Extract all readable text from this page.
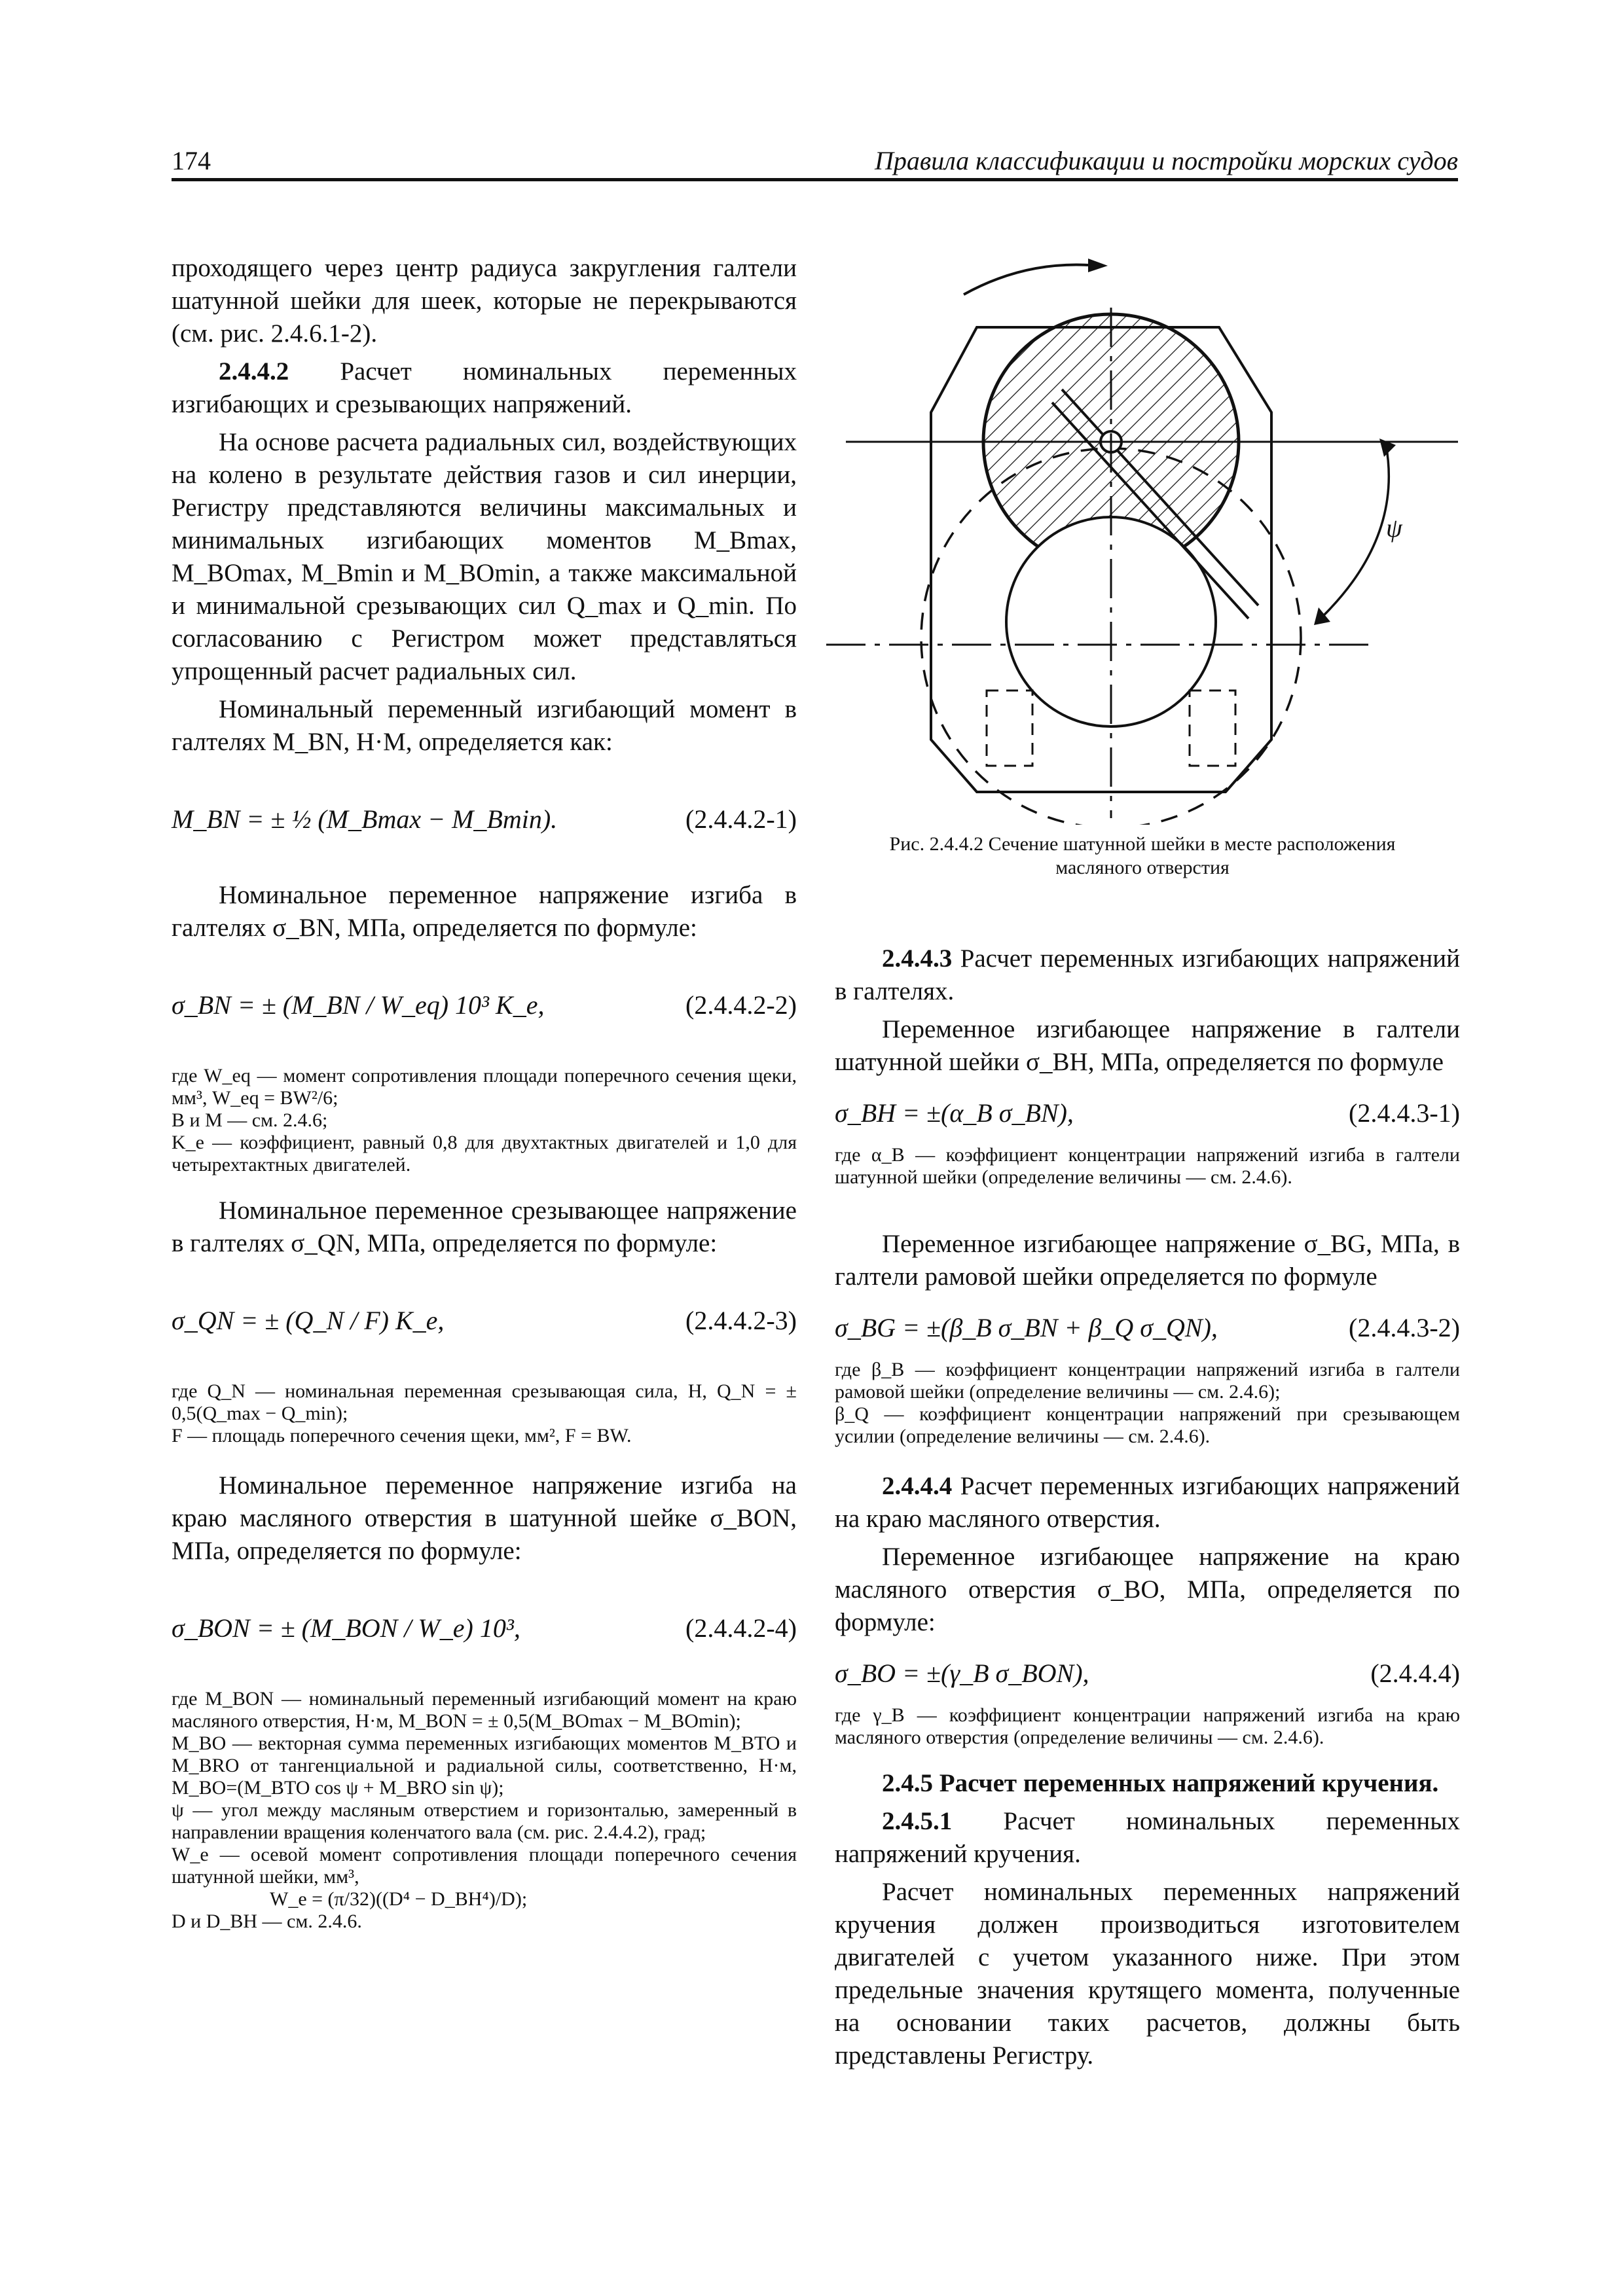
174	Правила классификации и постройки морских судов

проходящего через центр радиуса закругления галтели шатунной шейки для шеек, которые не перекрываются (см. рис. 2.4.6.1-2).

2.4.4.2 Расчет номинальных переменных изгибающих и срезывающих напряжений.

На основе расчета радиальных сил, воздействующих на колено в результате действия газов и сил инерции, Регистру представляются величины максимальных и минимальных изгибающих моментов M_Bmax, M_BOmax, M_Bmin и M_BOmin, а также максимальной и минимальной срезывающих сил Q_max и Q_min. По согласованию с Регистром может представляться упрощенный расчет радиальных сил.

Номинальный переменный изгибающий момент в галтелях M_BN, Н·М, определяется как:

M_BN = ± ½ (M_Bmax − M_Bmin).	(2.4.4.2-1)

Номинальное переменное напряжение изгиба в галтелях σ_BN, МПа, определяется по формуле:

σ_BN = ± (M_BN / W_eq) 10³ K_e,	(2.4.4.2-2)
где W_eq — момент сопротивления площади поперечного сечения щеки, мм³, W_eq = BW²/6;
B и M — см. 2.4.6;
K_e — коэффициент, равный 0,8 для двухтактных двигателей и 1,0 для четырехтактных двигателей.

Номинальное переменное срезывающее напряжение в галтелях σ_QN, МПа, определяется по формуле:

σ_QN = ± (Q_N / F) K_e,	(2.4.4.2-3)
где Q_N — номинальная переменная срезывающая сила, Н, Q_N = ± 0,5(Q_max − Q_min);
F — площадь поперечного сечения щеки, мм², F = BW.

Номинальное переменное напряжение изгиба на краю масляного отверстия в шатунной шейке σ_BON, МПа, определяется по формуле:

σ_BON = ± (M_BON / W_e) 10³,	(2.4.4.2-4)
где M_BON — номинальный переменный изгибающий момент на краю масляного отверстия, Н·м, M_BON = ± 0,5(M_BOmax − M_BOmin);
M_BO — векторная сумма переменных изгибающих моментов M_BTO и M_BRO от тангенциальной и радиальной силы, соответственно, Н·м, M_BO=(M_BTO cos ψ + M_BRO sin ψ);
ψ — угол между масляным отверстием и горизонталью, замеренный в направлении вращения коленчатого вала (см. рис. 2.4.4.2), град;
W_e — осевой момент сопротивления площади поперечного сечения шатунной шейки, мм³,
W_e = (π/32)((D⁴ − D_BH⁴)/D);
D и D_BH — см. 2.4.6.
ψ
Рис. 2.4.4.2 Сечение шатунной шейки в месте расположения масляного отверстия

2.4.4.3 Расчет переменных изгибающих напряжений в галтелях.

Переменное изгибающее напряжение в галтели шатунной шейки σ_BH, МПа, определяется по формуле

σ_BH = ±(α_B σ_BN),	(2.4.4.3-1)
где α_B — коэффициент концентрации напряжений изгиба в галтели шатунной шейки (определение величины — см. 2.4.6).

Переменное изгибающее напряжение σ_BG, МПа, в галтели рамовой шейки определяется по формуле

σ_BG = ±(β_B σ_BN + β_Q σ_QN),	(2.4.4.3-2)
где β_B — коэффициент концентрации напряжений изгиба в галтели рамовой шейки (определение величины — см. 2.4.6);
β_Q — коэффициент концентрации напряжений при срезывающем усилии (определение величины — см. 2.4.6).

2.4.4.4 Расчет переменных изгибающих напряжений на краю масляного отверстия.

Переменное изгибающее напряжение на краю масляного отверстия σ_BO, МПа, определяется по формуле:

σ_BO = ±(γ_B σ_BON),	(2.4.4.4)
где γ_B — коэффициент концентрации напряжений изгиба на краю масляного отверстия (определение величины — см. 2.4.6).

2.4.5 Расчет переменных напряжений кручения.

2.4.5.1 Расчет номинальных переменных напряжений кручения.

Расчет номинальных переменных напряжений кручения должен производиться изготовителем двигателей с учетом указанного ниже. При этом предельные значения крутящего момента, полученные на основании таких расчетов, должны быть представлены Регистру.
